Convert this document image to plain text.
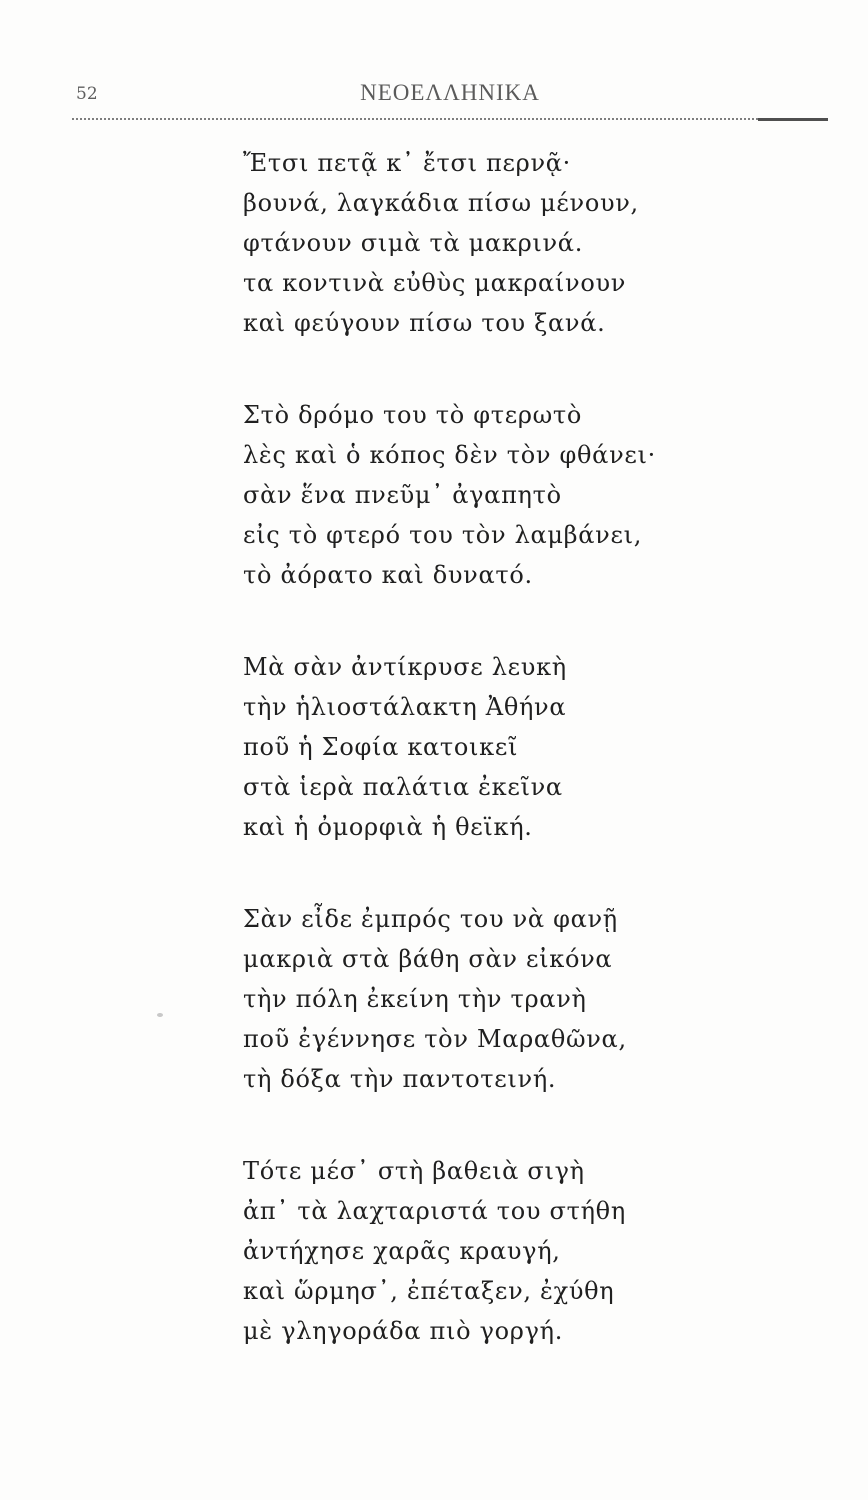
52	ΝΕΟΕΛΛΗΝΙΚΑ
Ἔτσι πετᾷ κ᾿ ἔτσι περνᾷ·
βουνά, λαγκάδια πίσω μένουν,
φτάνουν σιμὰ τὰ μακρινά.
τα κοντινὰ εὐθὺς μακραίνουν
καὶ φεύγουν πίσω του ξανά.
Στὸ δρόμο του τὸ φτερωτὸ
λὲς καὶ ὁ κόπος δὲν τὸν φθάνει·
σὰν ἕνα πνεῦμ᾿ ἀγαπητὸ
εἰς τὸ φτερό του τὸν λαμβάνει,
τὸ ἀόρατο καὶ δυνατό.
Μὰ σὰν ἀντίκρυσε λευκὴ
τὴν ἡλιοστάλακτη Ἀθήνα
ποῦ ἡ Σοφία κατοικεῖ
στὰ ἱερὰ παλάτια ἐκεῖνα
καὶ ἡ ὀμορφιὰ ἡ θεϊκή.
Σὰν εἶδε ἐμπρός του νὰ φανῇ
μακριὰ στὰ βάθη σὰν εἰκόνα
τὴν πόλη ἐκείνη τὴν τρανὴ
ποῦ ἐγέννησε τὸν Μαραθῶνα,
τὴ δόξα τὴν παντοτεινή.
Τότε μέσ᾿ στὴ βαθειὰ σιγὴ
ἀπ᾿ τὰ λαχταριστά του στήθη
ἀντήχησε χαρᾶς κραυγή,
καὶ ὥρμησ᾿, ἐπέταξεν, ἐχύθη
μὲ γληγοράδα πιὸ γοργή.
